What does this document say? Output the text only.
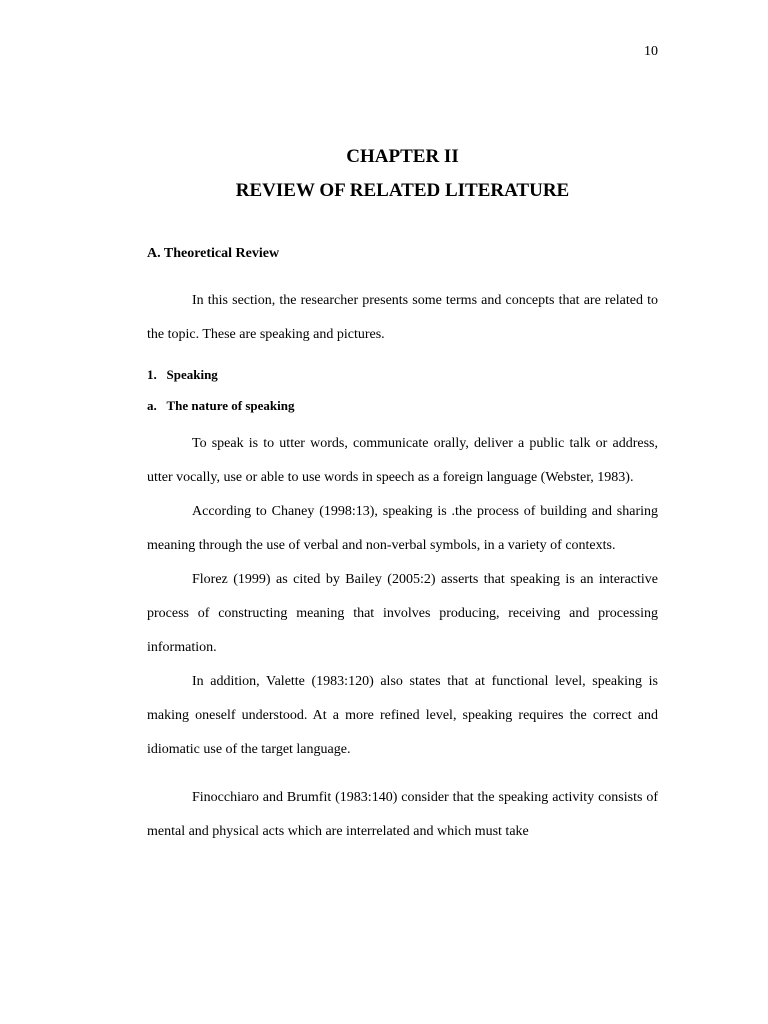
10
CHAPTER II
REVIEW OF RELATED LITERATURE

A. Theoretical Review

In this section, the researcher presents some terms and concepts that are related to the topic. These are speaking and pictures.

1.   Speaking

a.   The nature of speaking

To speak is to utter words, communicate orally, deliver a public talk or address, utter vocally, use or able to use words in speech as a foreign language (Webster, 1983).

According to Chaney (1998:13), speaking is .the process of building and sharing meaning through the use of verbal and non-verbal symbols, in a variety of contexts.

Florez (1999) as cited by Bailey (2005:2) asserts that speaking is an interactive process of constructing meaning that involves producing, receiving and processing information.

In addition, Valette (1983:120) also states that at functional level, speaking is making oneself understood. At a more refined level, speaking requires the correct and idiomatic use of the target language.

Finocchiaro and Brumfit (1983:140) consider that the speaking activity consists of mental and physical acts which are interrelated and which must take
